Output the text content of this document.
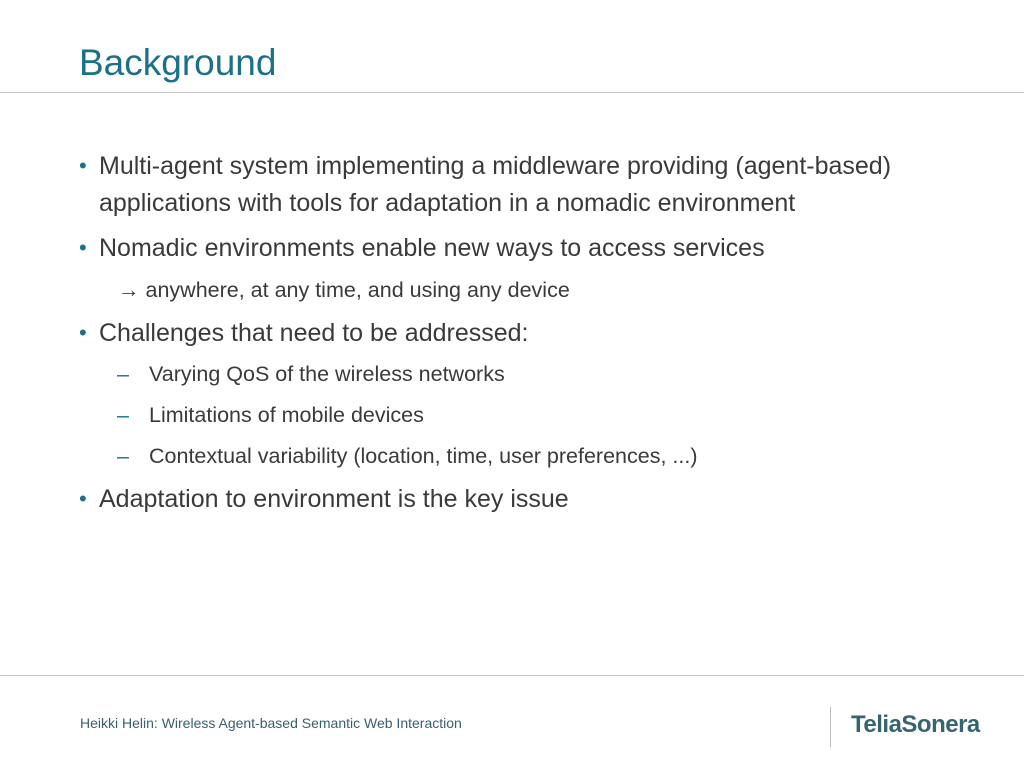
Background
• Multi-agent system implementing a middleware providing (agent-based) applications with tools for adaptation in a nomadic environment
• Nomadic environments enable new ways to access services
→ anywhere, at any time, and using any device
• Challenges that need to be addressed:
– Varying QoS of the wireless networks
– Limitations of mobile devices
– Contextual variability (location, time, user preferences, ...)
• Adaptation to environment is the key issue
Heikki Helin: Wireless Agent-based Semantic Web Interaction	TeliaSonera
